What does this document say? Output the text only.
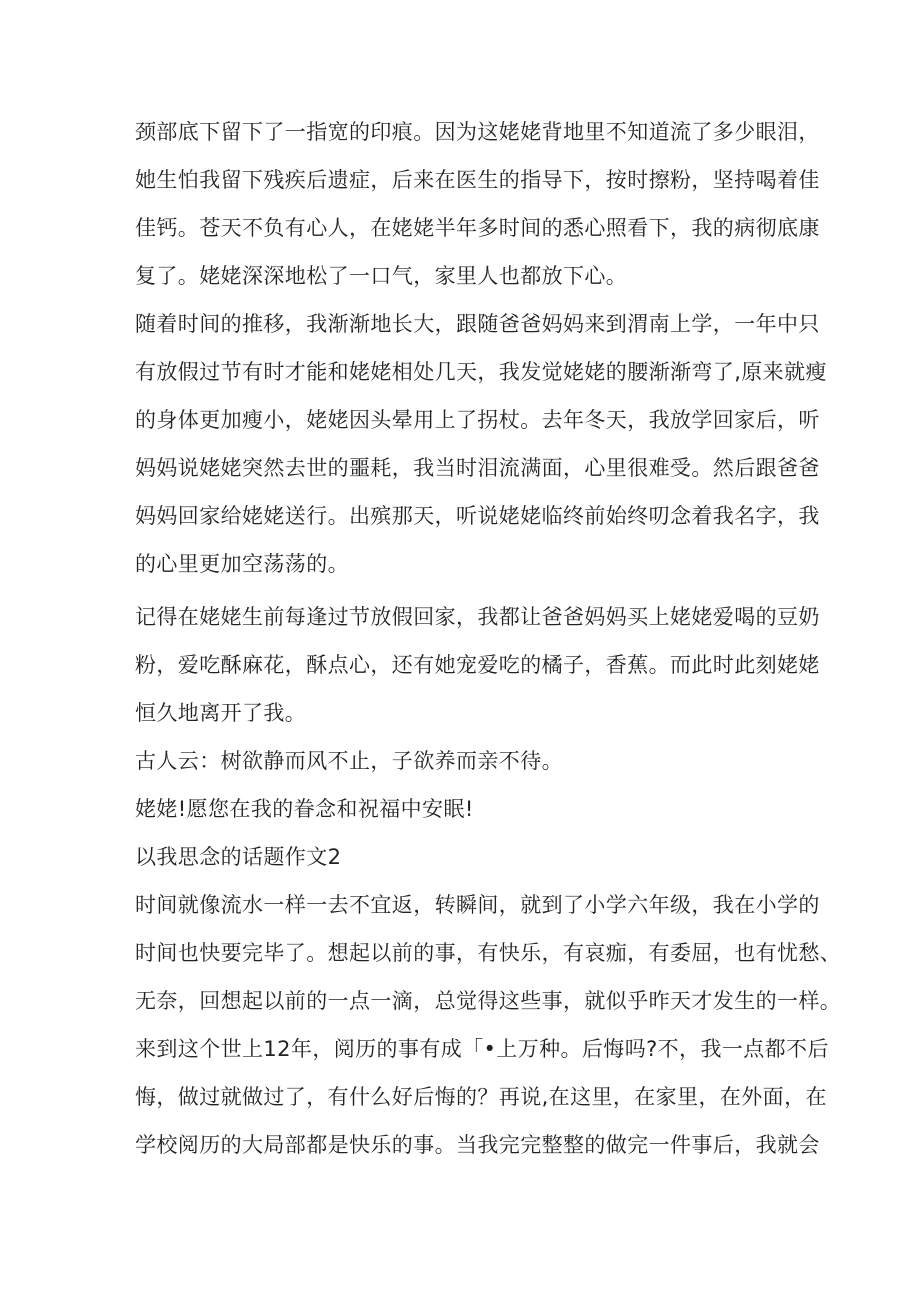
颈部底下留下了一指宽的印痕。因为这姥姥背地里不知道流了多少眼泪，
她生怕我留下残疾后遗症，后来在医生的指导下，按时擦粉，坚持喝着佳
佳钙。苍天不负有心人，在姥姥半年多时间的悉心照看下，我的病彻底康
复了。姥姥深深地松了一口气，家里人也都放下心。
随着时间的推移，我渐渐地长大，跟随爸爸妈妈来到渭南上学，一年中只
有放假过节有时才能和姥姥相处几天，我发觉姥姥的腰渐渐弯了,原来就瘦
的身体更加瘦小，姥姥因头晕用上了拐杖。去年冬天，我放学回家后，听
妈妈说姥姥突然去世的噩耗，我当时泪流满面，心里很难受。然后跟爸爸
妈妈回家给姥姥送行。出殡那天，听说姥姥临终前始终叨念着我名字，我
的心里更加空荡荡的。
记得在姥姥生前每逢过节放假回家，我都让爸爸妈妈买上姥姥爱喝的豆奶
粉，爱吃酥麻花，酥点心，还有她宠爱吃的橘子，香蕉。而此时此刻姥姥
恒久地离开了我。
古人云：树欲静而风不止，子欲养而亲不待。
姥姥!愿您在我的眷念和祝福中安眠!
以我思念的话题作文2
时间就像流水一样一去不宜返，转瞬间，就到了小学六年级，我在小学的
时间也快要完毕了。想起以前的事，有快乐，有哀痂，有委屈，也有忧愁、
无奈，回想起以前的一点一滴，总觉得这些事，就似乎昨天才发生的一样。
来到这个世上12年，阅历的事有成「•上万种。后悔吗?不，我一点都不后
悔，做过就做过了，有什么好后悔的？再说,在这里，在家里，在外面，在
学校阅历的大局部都是快乐的事。当我完完整整的做完一件事后，我就会
